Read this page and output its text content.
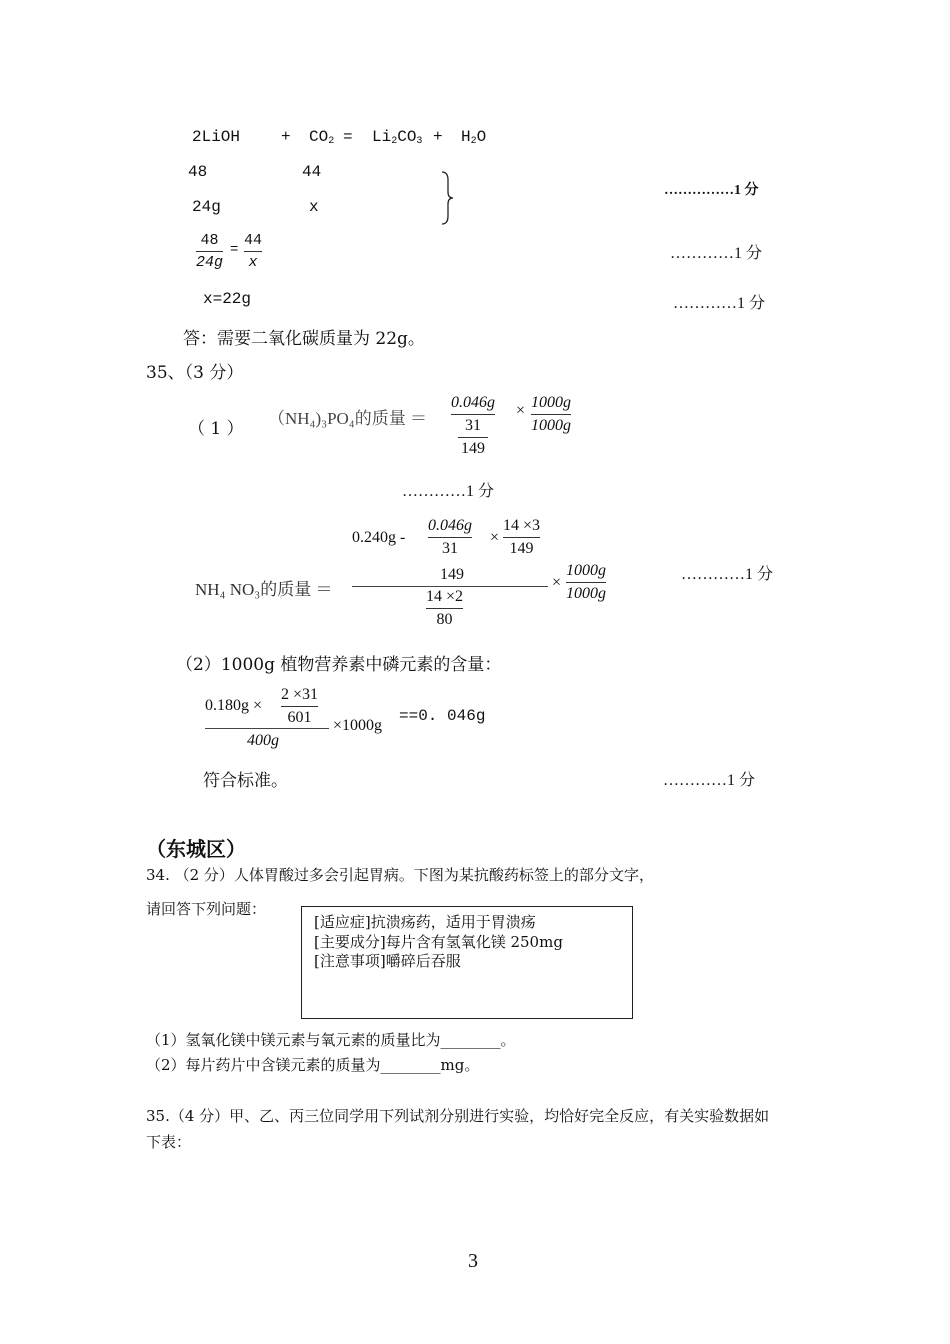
2LiOH	+ $CO_2 = Li_2CO_3 + H_2O$
48	44
24g	x
……………1 分
48
24g
=
44
x
…………1 分
x=22g	…………1 分
答：需要二氧化碳质量为 22g。
35、（3 分）
（ 1 ）
（NH₄)₃PO₄的质量 ＝
0.046g
31
149
× 1000g
1000g
…………1 分
0.240g -
0.046g
31
×
14 ×3
149
149
NH₄ NO₃的质量 ＝	14 ×2
80
×
1000g
1000g
…………1 分
（2）1000g 植物营养素中磷元素的含量：
0.180g ×
2 ×31
601
400g
×1000g
==0. 046g
符合标准。	…………1 分
（东城区）
34. （2 分）人体胃酸过多会引起胃病。下图为某抗酸药标签上的部分文字，
请回答下列问题：
[适应症]抗溃疡药，适用于胃溃疡
[主要成分]每片含有氢氧化镁 250mg
[注意事项]嚼碎后吞服
（1）氢氧化镁中镁元素与氧元素的质量比为________。
（2）每片药片中含镁元素的质量为________mg。
35.（4 分）甲、乙、丙三位同学用下列试剂分别进行实验，均恰好完全反应，有关实验数据如
下表：
3
